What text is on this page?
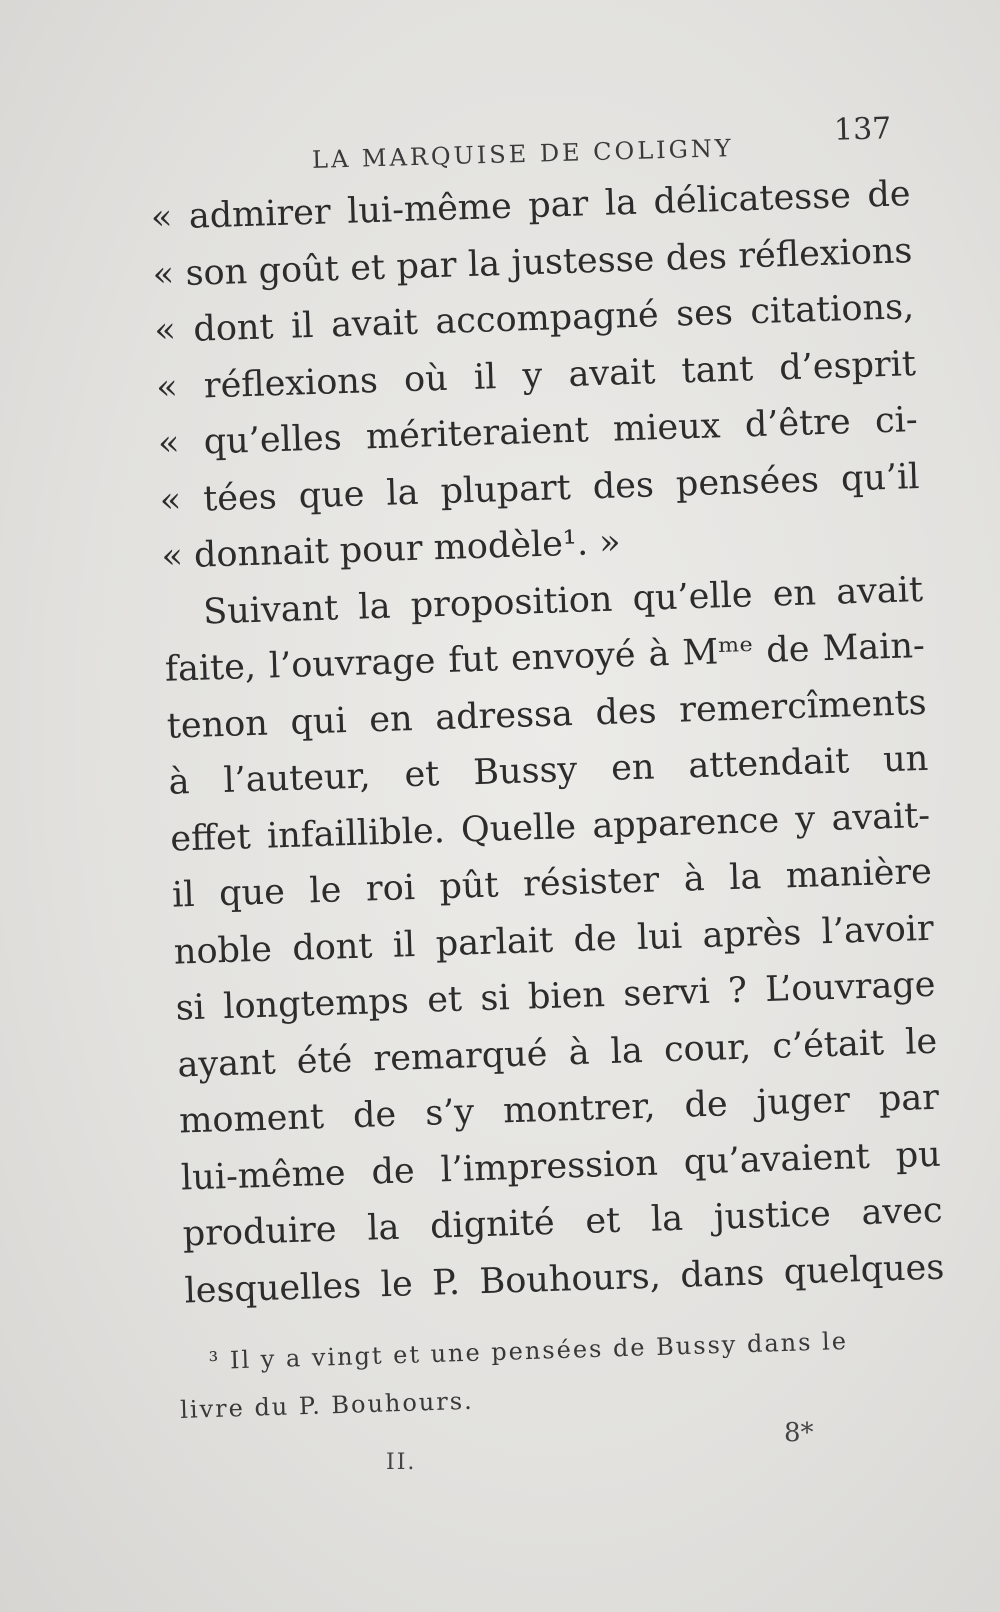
LA MARQUISE DE COLIGNY
137
« admirer lui-même par la délicatesse de
« son goût et par la justesse des réflexions
« dont il avait accompagné ses citations,
« réflexions où il y avait tant d’esprit
« qu’elles mériteraient mieux d’être ci-
« tées que la plupart des pensées qu’il
« donnait pour modèle¹. »
Suivant la proposition qu’elle en avait
faite, l’ouvrage fut envoyé à Mᵐᵉ de Main-
tenon qui en adressa des remercîments
à l’auteur, et Bussy en attendait un
effet infaillible. Quelle apparence y avait-
il que le roi pût résister à la manière
noble dont il parlait de lui après l’avoir
si longtemps et si bien servi ? L’ouvrage
ayant été remarqué à la cour, c’était le
moment de s’y montrer, de juger par
lui-même de l’impression qu’avaient pu
produire la dignité et la justice avec
lesquelles le P. Bouhours, dans quelques
³ Il y a vingt et une pensées de Bussy dans le
livre du P. Bouhours.
II.
8*
